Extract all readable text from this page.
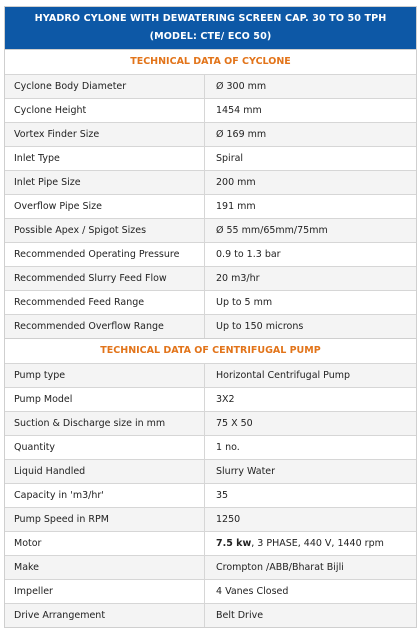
HYADRO CYLONE WITH DEWATERING SCREEN CAP. 30 TO 50 TPH (MODEL: CTE/ ECO 50)
TECHNICAL DATA OF CYCLONE
Cyclone Body Diameter	Ø 300 mm
Cyclone Height	1454 mm
Vortex Finder Size	Ø 169 mm
Inlet Type	Spiral
Inlet Pipe Size	200 mm
Overflow Pipe Size	191 mm
Possible Apex / Spigot Sizes	Ø 55 mm/65mm/75mm
Recommended Operating Pressure	0.9 to 1.3 bar
Recommended Slurry Feed Flow	20 m3/hr
Recommended Feed Range	Up to 5 mm
Recommended Overflow Range	Up to 150 microns
TECHNICAL DATA OF CENTRIFUGAL PUMP
Pump type	Horizontal Centrifugal Pump
Pump Model	3X2
Suction & Discharge size in mm	75 X 50
Quantity	1 no.
Liquid Handled	Slurry Water
Capacity in 'm3/hr'	35
Pump Speed in RPM	1250
Motor	7.5 kw, 3 PHASE, 440 V, 1440 rpm
Make	Crompton /ABB/Bharat Bijli
Impeller	4 Vanes Closed
Drive Arrangement	Belt Drive
